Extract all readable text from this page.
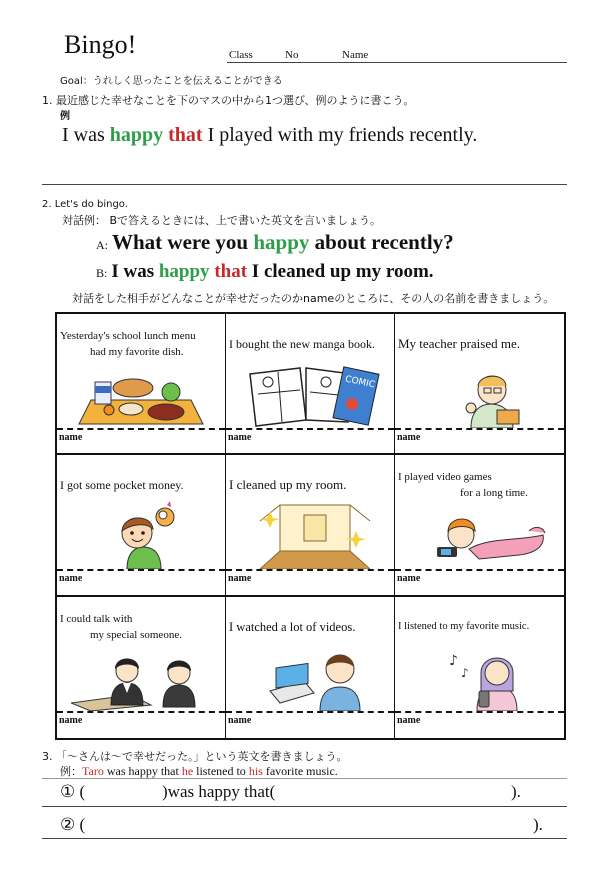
Bingo!	Class	No	Name
Goal：うれしく思ったことを伝えることができる
1. 最近感じた幸せなことを下のマスの中から1つ選び、例のように書こう。
例
I was happy that I played with my friends recently.
2. Let's do bingo.
対話例： Bで答えるときには、上で書いた英文を言いましょう。
A: What were you happy about recently?
B: I was happy that I cleaned up my room.
対話をした相手がどんなことが幸せだったのかnameのところに、その人の名前を書きましょう。
Yesterday's school lunch menu
had my favorite dish.
name
I bought the new manga book.
COMIC
name
My teacher praised me.
name
I got some pocket money.
name
I cleaned up my room.
name
I played video games
for a long time.
name
I could talk with
my special someone.
name
I watched a lot of videos.
name
I listened to my favorite music.
♪
♪
name
3. 「～さんは～で幸せだった。」という英文を書きましょう。
例：Taro was happy that he listened to his favorite music.
① (	)was happy that(	).
② (	).
